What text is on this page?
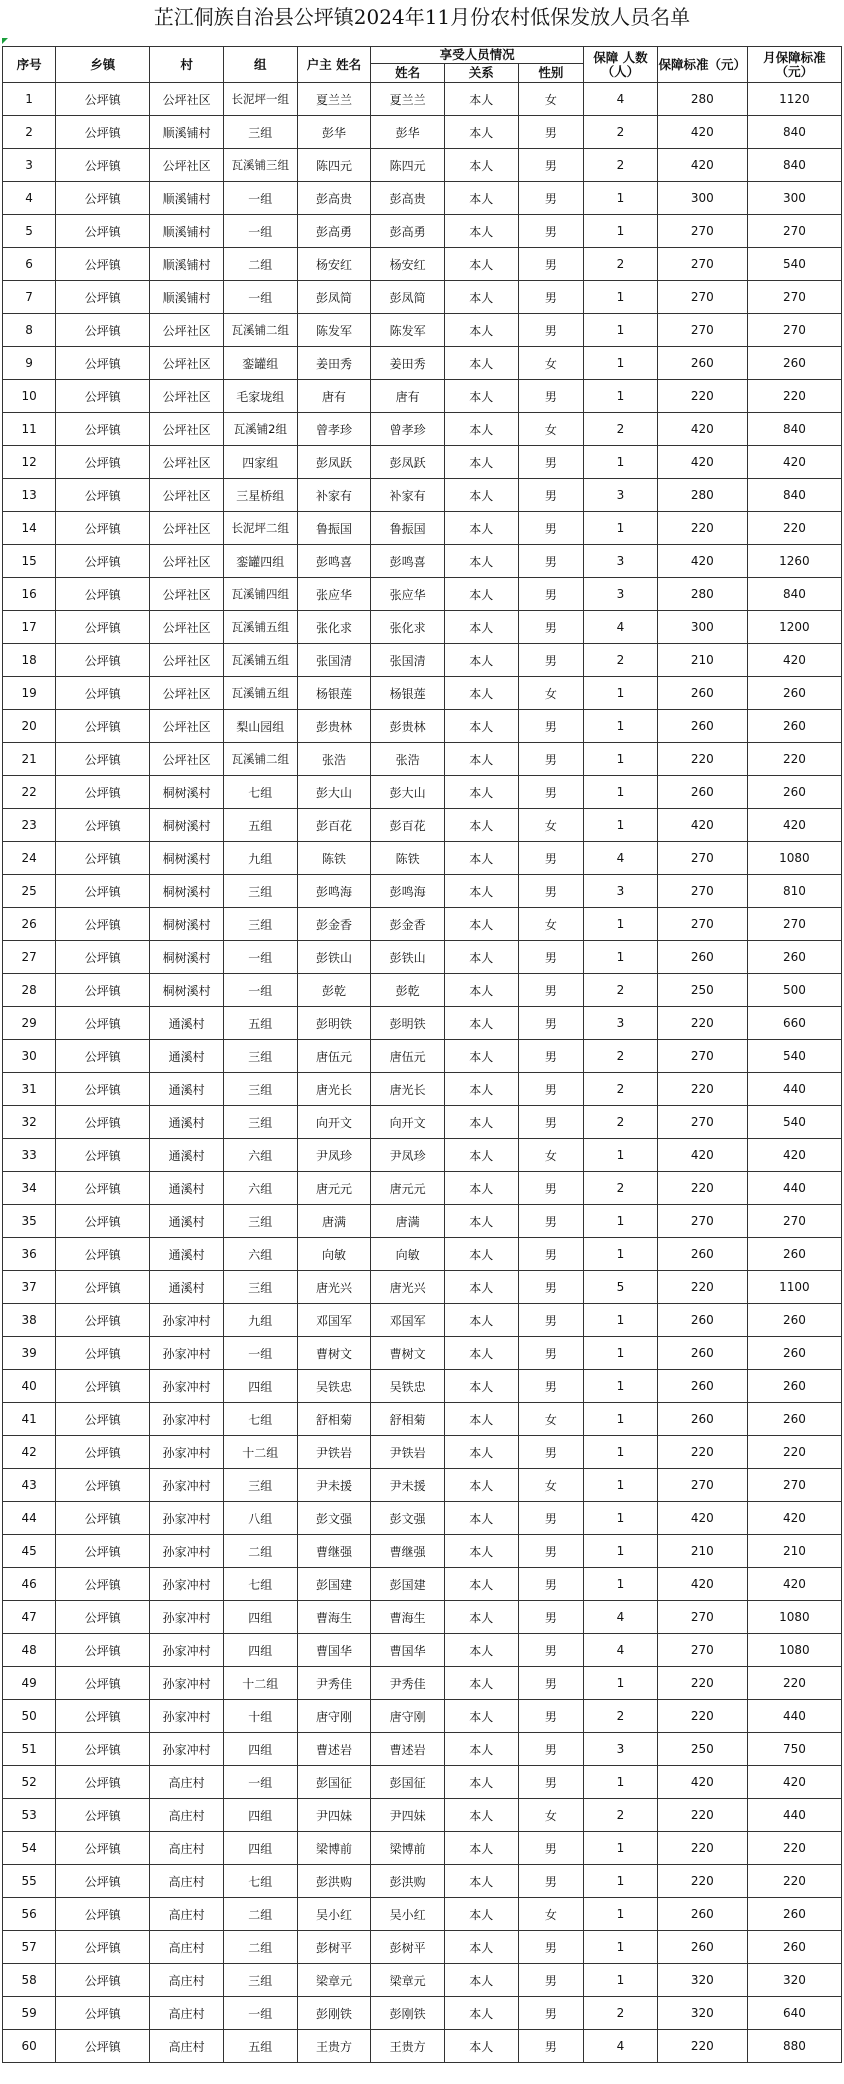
芷江侗族自治县公坪镇2024年11月份农村低保发放人员名单
序号	乡镇	村	组	户主 姓名	享受人员情况			保障 人数（人）	保障标准（元）	月保障标准（元）
					姓名	关系	性别			
1	公坪镇	公坪社区	长泥坪一组	夏兰兰	夏兰兰	本人	女	4	280	1120
2	公坪镇	顺溪铺村	三组	彭华	彭华	本人	男	2	420	840
3	公坪镇	公坪社区	瓦溪铺三组	陈四元	陈四元	本人	男	2	420	840
4	公坪镇	顺溪铺村	一组	彭高贵	彭高贵	本人	男	1	300	300
5	公坪镇	顺溪铺村	一组	彭高勇	彭高勇	本人	男	1	270	270
6	公坪镇	顺溪铺村	二组	杨安红	杨安红	本人	男	2	270	540
7	公坪镇	顺溪铺村	一组	彭凤简	彭凤简	本人	男	1	270	270
8	公坪镇	公坪社区	瓦溪铺二组	陈发军	陈发军	本人	男	1	270	270
9	公坪镇	公坪社区	銮罐组	姜田秀	姜田秀	本人	女	1	260	260
10	公坪镇	公坪社区	毛家垅组	唐有	唐有	本人	男	1	220	220
11	公坪镇	公坪社区	瓦溪铺2组	曾孝珍	曾孝珍	本人	女	2	420	840
12	公坪镇	公坪社区	四家组	彭凤跃	彭凤跃	本人	男	1	420	420
13	公坪镇	公坪社区	三星桥组	补家有	补家有	本人	男	3	280	840
14	公坪镇	公坪社区	长泥坪二组	鲁振国	鲁振国	本人	男	1	220	220
15	公坪镇	公坪社区	銮罐四组	彭鸣喜	彭鸣喜	本人	男	3	420	1260
16	公坪镇	公坪社区	瓦溪铺四组	张应华	张应华	本人	男	3	280	840
17	公坪镇	公坪社区	瓦溪铺五组	张化求	张化求	本人	男	4	300	1200
18	公坪镇	公坪社区	瓦溪铺五组	张国清	张国清	本人	男	2	210	420
19	公坪镇	公坪社区	瓦溪铺五组	杨银莲	杨银莲	本人	女	1	260	260
20	公坪镇	公坪社区	梨山园组	彭贵林	彭贵林	本人	男	1	260	260
21	公坪镇	公坪社区	瓦溪铺二组	张浩	张浩	本人	男	1	220	220
22	公坪镇	桐树溪村	七组	彭大山	彭大山	本人	男	1	260	260
23	公坪镇	桐树溪村	五组	彭百花	彭百花	本人	女	1	420	420
24	公坪镇	桐树溪村	九组	陈铁	陈铁	本人	男	4	270	1080
25	公坪镇	桐树溪村	三组	彭鸣海	彭鸣海	本人	男	3	270	810
26	公坪镇	桐树溪村	三组	彭金香	彭金香	本人	女	1	270	270
27	公坪镇	桐树溪村	一组	彭铁山	彭铁山	本人	男	1	260	260
28	公坪镇	桐树溪村	一组	彭乾	彭乾	本人	男	2	250	500
29	公坪镇	通溪村	五组	彭明铁	彭明铁	本人	男	3	220	660
30	公坪镇	通溪村	三组	唐伍元	唐伍元	本人	男	2	270	540
31	公坪镇	通溪村	三组	唐光长	唐光长	本人	男	2	220	440
32	公坪镇	通溪村	三组	向开文	向开文	本人	男	2	270	540
33	公坪镇	通溪村	六组	尹凤珍	尹凤珍	本人	女	1	420	420
34	公坪镇	通溪村	六组	唐元元	唐元元	本人	男	2	220	440
35	公坪镇	通溪村	三组	唐满	唐满	本人	男	1	270	270
36	公坪镇	通溪村	六组	向敏	向敏	本人	男	1	260	260
37	公坪镇	通溪村	三组	唐光兴	唐光兴	本人	男	5	220	1100
38	公坪镇	孙家冲村	九组	邓国军	邓国军	本人	男	1	260	260
39	公坪镇	孙家冲村	一组	曹树文	曹树文	本人	男	1	260	260
40	公坪镇	孙家冲村	四组	吴铁忠	吴铁忠	本人	男	1	260	260
41	公坪镇	孙家冲村	七组	舒相菊	舒相菊	本人	女	1	260	260
42	公坪镇	孙家冲村	十二组	尹铁岩	尹铁岩	本人	男	1	220	220
43	公坪镇	孙家冲村	三组	尹未援	尹未援	本人	女	1	270	270
44	公坪镇	孙家冲村	八组	彭文强	彭文强	本人	男	1	420	420
45	公坪镇	孙家冲村	二组	曹继强	曹继强	本人	男	1	210	210
46	公坪镇	孙家冲村	七组	彭国建	彭国建	本人	男	1	420	420
47	公坪镇	孙家冲村	四组	曹海生	曹海生	本人	男	4	270	1080
48	公坪镇	孙家冲村	四组	曹国华	曹国华	本人	男	4	270	1080
49	公坪镇	孙家冲村	十二组	尹秀佳	尹秀佳	本人	男	1	220	220
50	公坪镇	孙家冲村	十组	唐守刚	唐守刚	本人	男	2	220	440
51	公坪镇	孙家冲村	四组	曹述岩	曹述岩	本人	男	3	250	750
52	公坪镇	高庄村	一组	彭国征	彭国征	本人	男	1	420	420
53	公坪镇	高庄村	四组	尹四妹	尹四妹	本人	女	2	220	440
54	公坪镇	高庄村	四组	梁博前	梁博前	本人	男	1	220	220
55	公坪镇	高庄村	七组	彭洪购	彭洪购	本人	男	1	220	220
56	公坪镇	高庄村	二组	吴小红	吴小红	本人	女	1	260	260
57	公坪镇	高庄村	二组	彭树平	彭树平	本人	男	1	260	260
58	公坪镇	高庄村	三组	梁章元	梁章元	本人	男	1	320	320
59	公坪镇	高庄村	一组	彭刚铁	彭刚铁	本人	男	2	320	640
60	公坪镇	高庄村	五组	王贵方	王贵方	本人	男	4	220	880
